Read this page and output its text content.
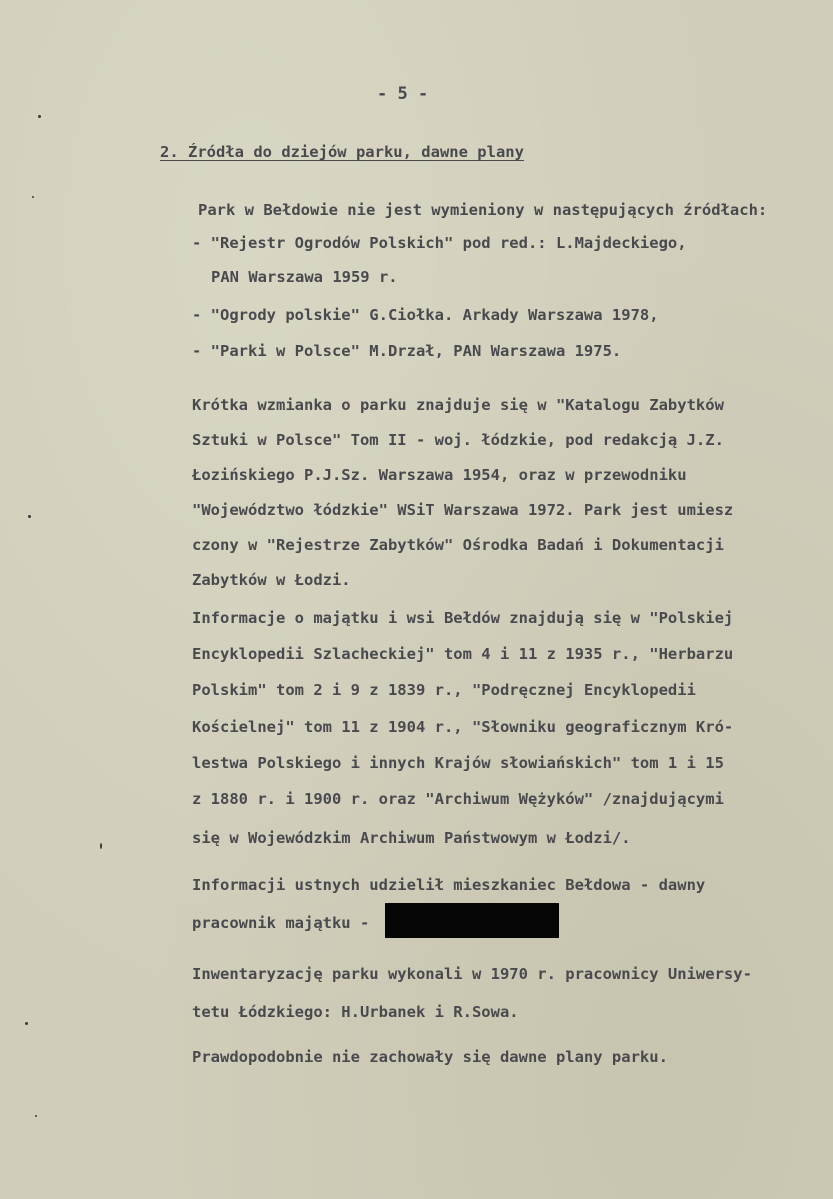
- 5 -
2. Źródła do dziejów parku, dawne plany
Park w Bełdowie nie jest wymieniony w następujących źródłach:
- "Rejestr Ogrodów Polskich" pod red.: L.Majdeckiego,
PAN Warszawa 1959 r.
- "Ogrody polskie" G.Ciołka. Arkady Warszawa 1978,
- "Parki w Polsce" M.Drzał, PAN Warszawa 1975.
Krótka wzmianka o parku znajduje się w "Katalogu Zabytków
Sztuki w Polsce" Tom II - woj. łódzkie, pod redakcją J.Z.
Łozińskiego P.J.Sz. Warszawa 1954, oraz w przewodniku
"Województwo łódzkie" WSiT Warszawa 1972. Park jest umiesz
czony w "Rejestrze Zabytków" Ośrodka Badań i Dokumentacji
Zabytków w Łodzi.
Informacje o majątku i wsi Bełdów znajdują się w "Polskiej
Encyklopedii Szlacheckiej" tom 4 i 11 z 1935 r., "Herbarzu
Polskim" tom 2 i 9 z 1839 r., "Podręcznej Encyklopedii
Kościelnej" tom 11 z 1904 r., "Słowniku geograficznym Kró-
lestwa Polskiego i innych Krajów słowiańskich" tom 1 i 15
z 1880 r. i 1900 r. oraz "Archiwum Wężyków" /znajdującymi
się w Wojewódzkim Archiwum Państwowym w Łodzi/.
Informacji ustnych udzielił mieszkaniec Bełdowa - dawny
pracownik majątku -
Inwentaryzację parku wykonali w 1970 r. pracownicy Uniwersy-
tetu Łódzkiego: H.Urbanek i R.Sowa.
Prawdopodobnie nie zachowały się dawne plany parku.
